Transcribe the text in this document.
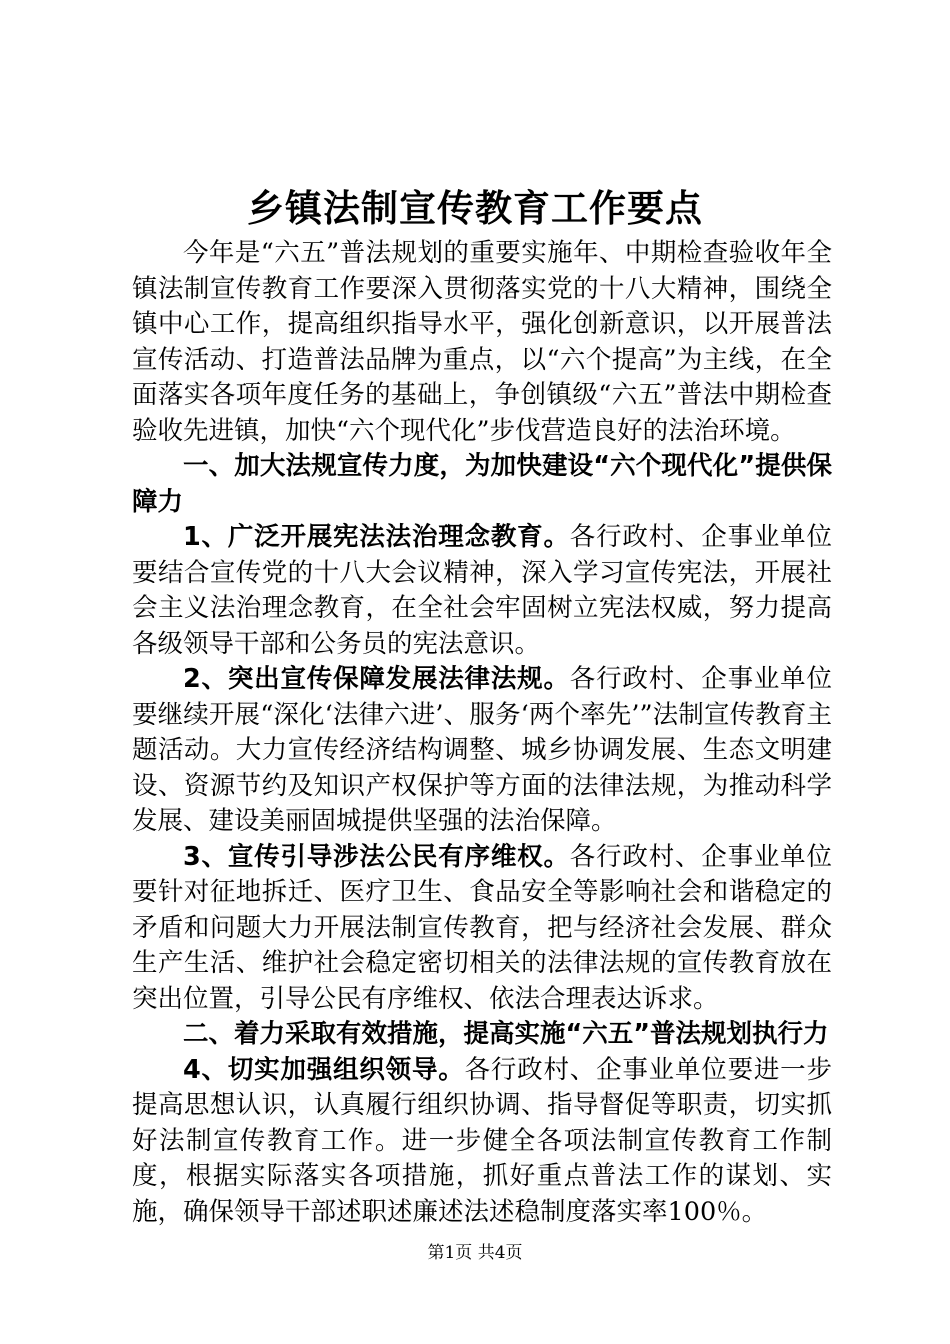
乡镇法制宣传教育工作要点

今年是“六五”普法规划的重要实施年、中期检查验收年全镇法制宣传教育工作要深入贯彻落实党的十八大精神，围绕全镇中心工作，提高组织指导水平，强化创新意识，以开展普法宣传活动、打造普法品牌为重点，以“六个提高”为主线，在全面落实各项年度任务的基础上，争创镇级“六五”普法中期检查验收先进镇，加快“六个现代化”步伐营造良好的法治环境。

一、加大法规宣传力度，为加快建设“六个现代化”提供保障力

1、广泛开展宪法法治理念教育。各行政村、企事业单位要结合宣传党的十八大会议精神，深入学习宣传宪法，开展社会主义法治理念教育，在全社会牢固树立宪法权威，努力提高各级领导干部和公务员的宪法意识。

2、突出宣传保障发展法律法规。各行政村、企事业单位要继续开展“深化‘法律六进’、服务‘两个率先’”法制宣传教育主题活动。大力宣传经济结构调整、城乡协调发展、生态文明建设、资源节约及知识产权保护等方面的法律法规，为推动科学发展、建设美丽固城提供坚强的法治保障。

3、宣传引导涉法公民有序维权。各行政村、企事业单位要针对征地拆迁、医疗卫生、食品安全等影响社会和谐稳定的矛盾和问题大力开展法制宣传教育，把与经济社会发展、群众生产生活、维护社会稳定密切相关的法律法规的宣传教育放在突出位置，引导公民有序维权、依法合理表达诉求。

二、着力采取有效措施，提高实施“六五”普法规划执行力

4、切实加强组织领导。各行政村、企事业单位要进一步提高思想认识，认真履行组织协调、指导督促等职责，切实抓好法制宣传教育工作。进一步健全各项法制宣传教育工作制度，根据实际落实各项措施，抓好重点普法工作的谋划、实施，确保领导干部述职述廉述法述稳制度落实率100％。

第1页 共4页
